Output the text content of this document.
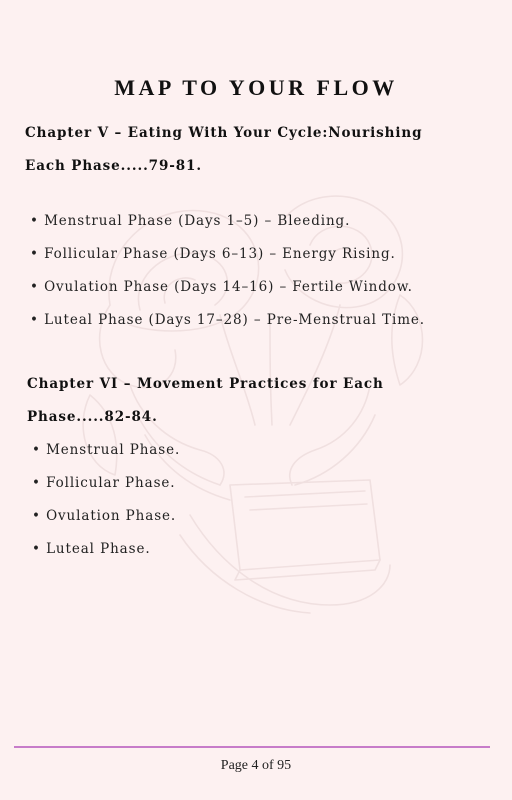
MAP TO YOUR FLOW

Chapter V – Eating With Your Cycle:Nourishing Each Phase.....79-81.

• Menstrual Phase (Days 1–5) – Bleeding.
• Follicular Phase (Days 6–13) – Energy Rising.
• Ovulation Phase (Days 14–16) – Fertile Window.
• Luteal Phase (Days 17–28) – Pre-Menstrual Time.

Chapter VI – Movement Practices for Each Phase.....82-84.

• Menstrual Phase.
• Follicular Phase.
• Ovulation Phase.
• Luteal Phase.
Page 4 of 95
